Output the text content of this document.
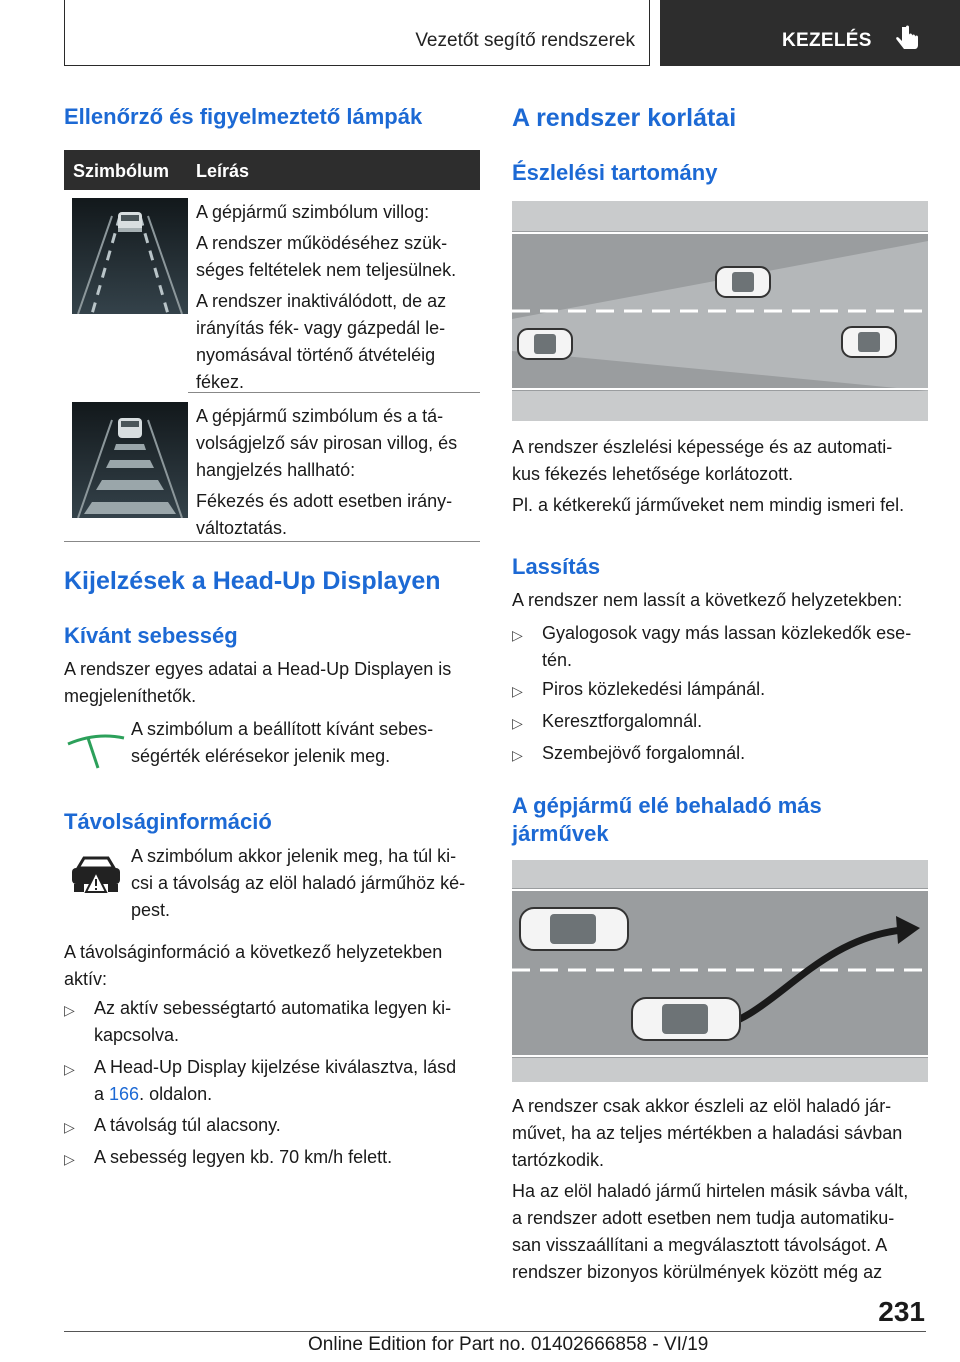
Vezetőt segítő rendszerek	KEZELÉS
Ellenőrző és figyelmeztető lámpák
Szimbólum Leírás
A gépjármű szimbólum villog:
A rendszer működéséhez szük-
séges feltételek nem teljesülnek.
A rendszer inaktiválódott, de az
irányítás fék- vagy gázpedál le-
nyomásával történő átvételéig
fékez.
A gépjármű szimbólum és a tá-
volságjelző sáv pirosan villog, és
hangjelzés hallható:
Fékezés és adott esetben irány-
változtatás.
Kijelzések a Head-Up Displayen
Kívánt sebesség
A rendszer egyes adatai a Head-Up Displayen is
megjeleníthetők.
A szimbólum a beállított kívánt sebes-
ségérték elérésekor jelenik meg.
Távolságinformáció
A szimbólum akkor jelenik meg, ha túl ki-
csi a távolság az elöl haladó járműhöz ké-
pest.
A távolságinformáció a következő helyzetekben
aktív:
▷ Az aktív sebességtartó automatika legyen ki-
kapcsolva.
▷ A Head-Up Display kijelzése kiválasztva, lásd
a 166. oldalon.
▷ A távolság túl alacsony.
▷ A sebesség legyen kb. 70 km/h felett.
A rendszer korlátai
Észlelési tartomány
A rendszer észlelési képessége és az automati-
kus fékezés lehetősége korlátozott.
Pl. a kétkerekű járműveket nem mindig ismeri fel.
Lassítás
A rendszer nem lassít a következő helyzetekben:
▷ Gyalogosok vagy más lassan közlekedők ese-
tén.
▷ Piros közlekedési lámpánál.
▷ Keresztforgalomnál.
▷ Szembejövő forgalomnál.
A gépjármű elé behaladó más
járművek
A rendszer csak akkor észleli az elöl haladó jár-
művet, ha az teljes mértékben a haladási sávban
tartózkodik.
Ha az elöl haladó jármű hirtelen másik sávba vált,
a rendszer adott esetben nem tudja automatiku-
san visszaállítani a megválasztott távolságot. A
rendszer bizonyos körülmények között még az
231
Online Edition for Part no. 01402666858 - VI/19
